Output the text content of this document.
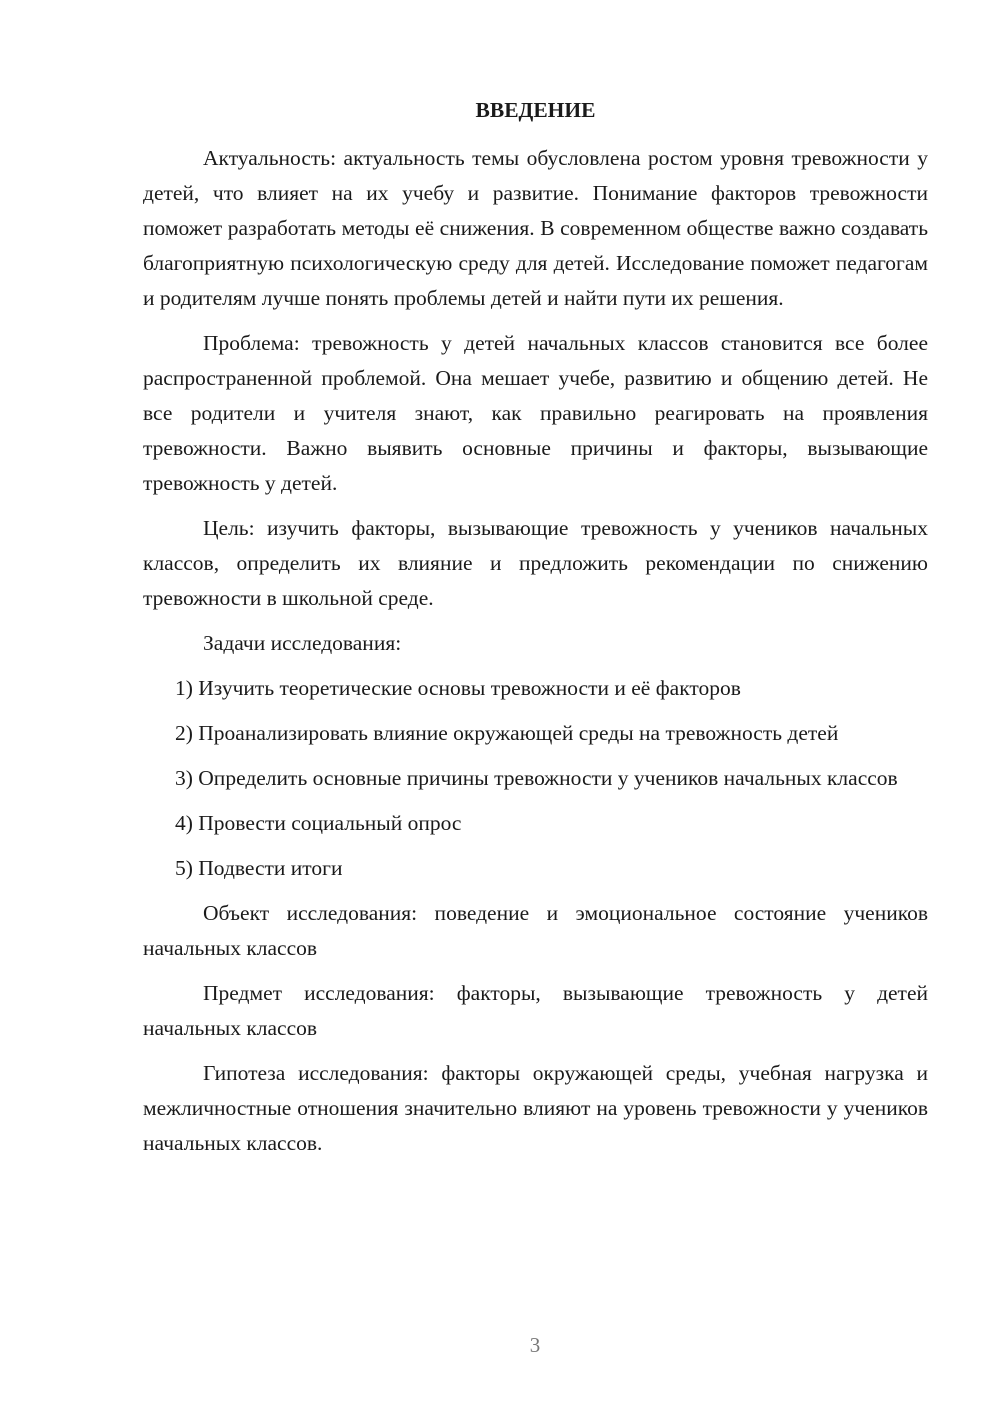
ВВЕДЕНИЕ

Актуальность: актуальность темы обусловлена ростом уровня тревожности у детей, что влияет на их учебу и развитие. Понимание факторов тревожности поможет разработать методы её снижения. В современном обществе важно создавать благоприятную психологическую среду для детей. Исследование поможет педагогам и родителям лучше понять проблемы детей и найти пути их решения.

Проблема: тревожность у детей начальных классов становится все более распространенной проблемой. Она мешает учебе, развитию и общению детей. Не все родители и учителя знают, как правильно реагировать на проявления тревожности. Важно выявить основные причины и факторы, вызывающие тревожность у детей.

Цель: изучить факторы, вызывающие тревожность у учеников начальных классов, определить их влияние и предложить рекомендации по снижению тревожности в школьной среде.

Задачи исследования:

1) Изучить теоретические основы тревожности и её факторов

2) Проанализировать влияние окружающей среды на тревожность детей

3) Определить основные причины тревожности у учеников начальных классов

4) Провести социальный опрос

5) Подвести итоги

Объект исследования: поведение и эмоциональное состояние учеников начальных классов

Предмет исследования: факторы, вызывающие тревожность у детей начальных классов

Гипотеза исследования: факторы окружающей среды, учебная нагрузка и межличностные отношения значительно влияют на уровень тревожности у учеников начальных классов.

3
